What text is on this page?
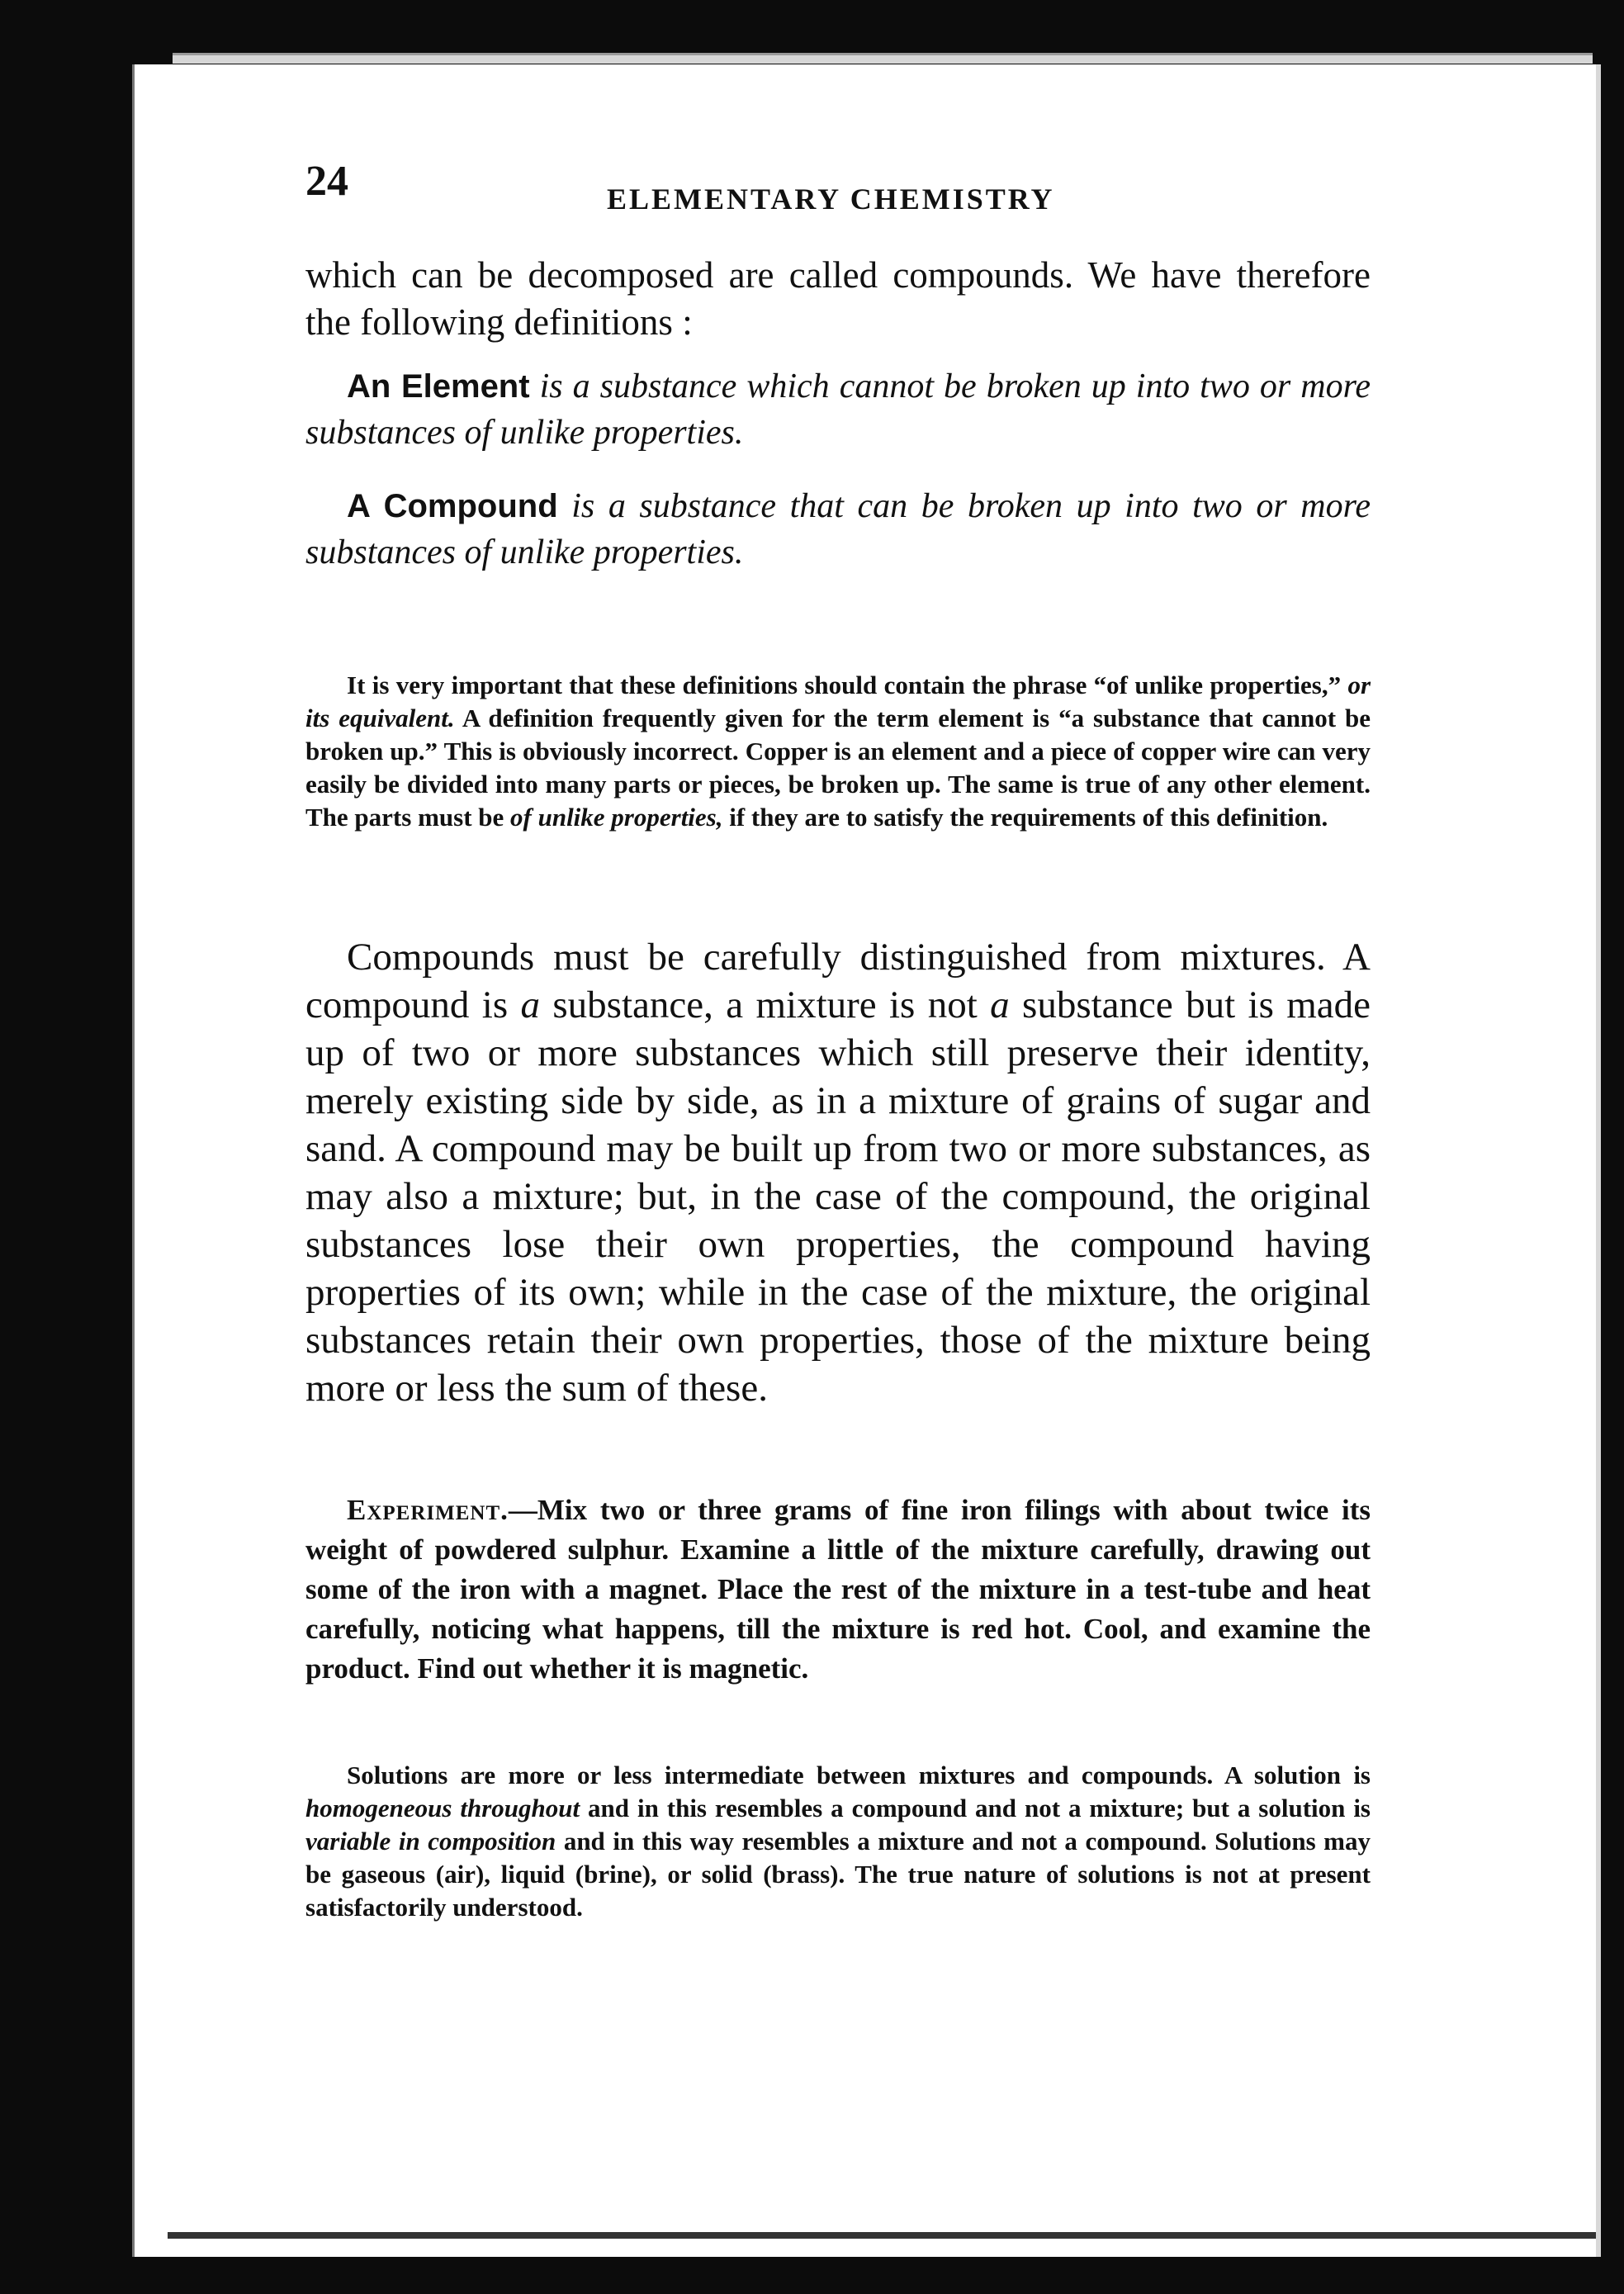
24	ELEMENTARY CHEMISTRY

which can be decomposed are called compounds. We have therefore the following definitions :

An Element is a substance which cannot be broken up into two or more substances of unlike properties.

A Compound is a substance that can be broken up into two or more substances of unlike properties.

It is very important that these definitions should contain the phrase “of unlike properties,” or its equivalent. A definition frequently given for the term element is “a substance that cannot be broken up.” This is obviously incorrect. Copper is an element and a piece of copper wire can very easily be divided into many parts or pieces, be broken up. The same is true of any other element. The parts must be of unlike properties, if they are to satisfy the requirements of this definition.

Compounds must be carefully distinguished from mixtures. A compound is a substance, a mixture is not a substance but is made up of two or more substances which still preserve their identity, merely existing side by side, as in a mixture of grains of sugar and sand. A compound may be built up from two or more substances, as may also a mixture; but, in the case of the compound, the original substances lose their own properties, the compound having properties of its own; while in the case of the mixture, the original substances retain their own properties, those of the mixture being more or less the sum of these.

Experiment.—Mix two or three grams of fine iron filings with about twice its weight of powdered sulphur. Examine a little of the mixture carefully, drawing out some of the iron with a magnet. Place the rest of the mixture in a test-tube and heat carefully, noticing what happens, till the mixture is red hot. Cool, and examine the product. Find out whether it is magnetic.

Solutions are more or less intermediate between mixtures and compounds. A solution is homogeneous throughout and in this resembles a compound and not a mixture; but a solution is variable in composition and in this way resembles a mixture and not a compound. Solutions may be gaseous (air), liquid (brine), or solid (brass). The true nature of solutions is not at present satisfactorily understood.
